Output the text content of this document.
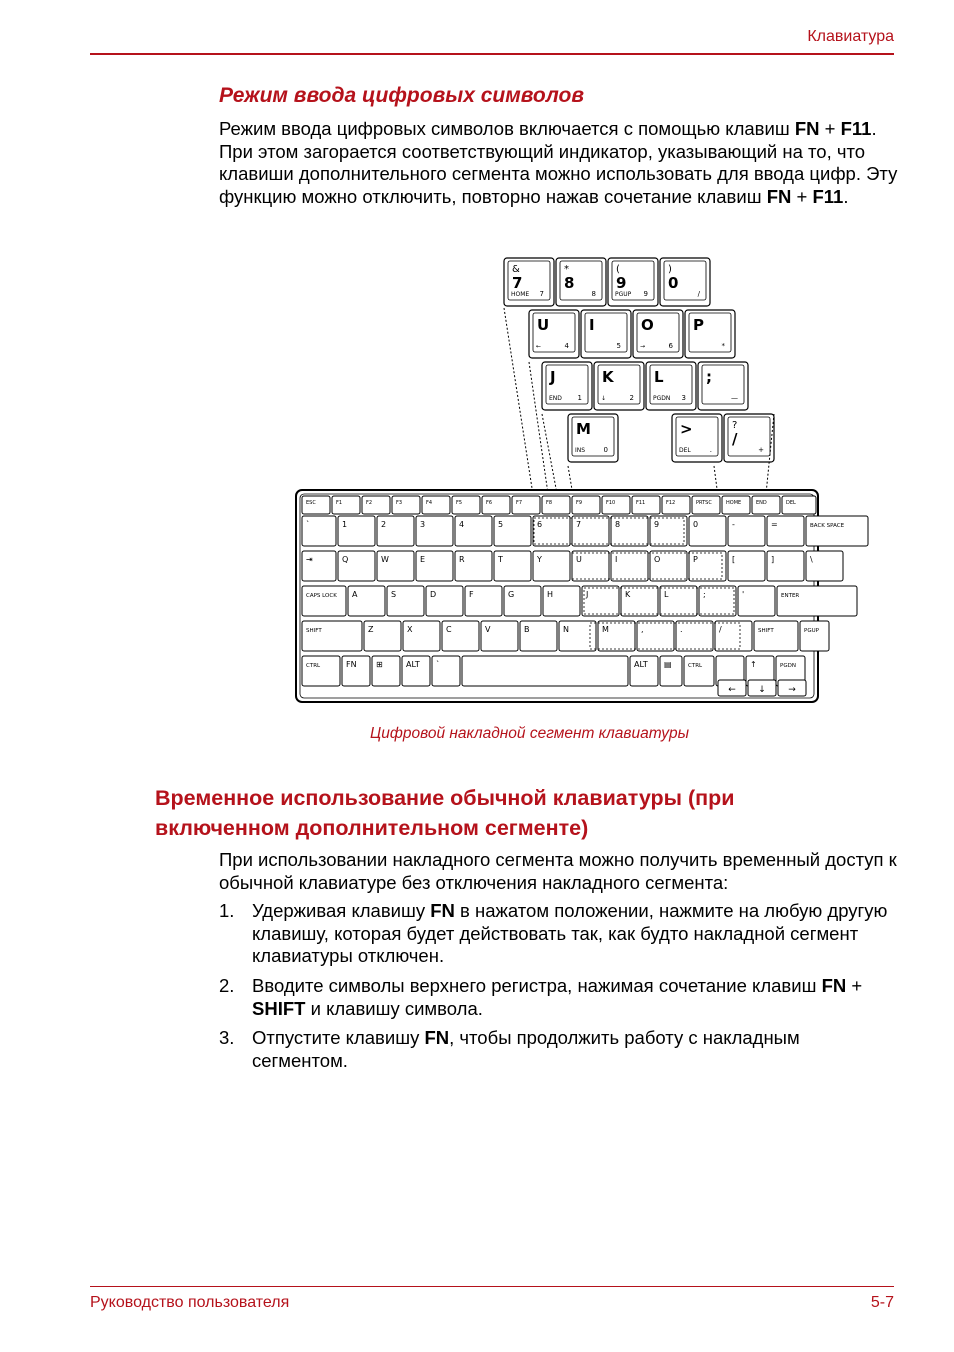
Клавиатура
Режим ввода цифровых символов
Режим ввода цифровых символов включается с помощью клавиш FN + F11. При этом загорается соответствующий индикатор, указывающий на то, что клавиши дополнительного сегмента можно использовать для ввода цифр. Эту функцию можно отключить, повторно нажав сочетание клавиш FN + F11.
&
7
HOME 7
*
8
8
(
9
PGUP 9
)
0
/
U
←	4
I
5
O
→	6
P
*
J
END 1
K
↓	2
L
PGDN 3
;
—
M
INS	0
>
DEL	.
?
/
+
ESC	F1	F2	F3	F4	F5	F6	F7	F8	F9	F10	F11	F12	PRTSC	HOME	END	DEL
`	1	2	3	4	5	6	7	8	9	0	-	=	BACK SPACE
⇥	Q	W	E	R	T	Y	U	I	O	P	[	]	\
CAPS LOCK A	S	D	F	G	H	J	K	L	;	'	ENTER
SHIFT	Z	X	C	V	B	N	M	,	.	/	SHIFT	PGUP
CTRL	FN ⊞	ALT `	ALT ▤	CTRL	↑	PGDN
← ↓ →
Цифровой накладной сегмент клавиатуры
Временное использование обычной клавиатуры (при включенном дополнительном сегменте)
При использовании накладного сегмента можно получить временный доступ к обычной клавиатуре без отключения накладного сегмента:
1. Удерживая клавишу FN в нажатом положении, нажмите на любую другую клавишу, которая будет действовать так, как будто накладной сегмент клавиатуры отключен.
2. Вводите символы верхнего регистра, нажимая сочетание клавиш FN + SHIFT и клавишу символа.
3. Отпустите клавишу FN, чтобы продолжить работу с накладным сегментом.
Руководство пользователя	5-7
